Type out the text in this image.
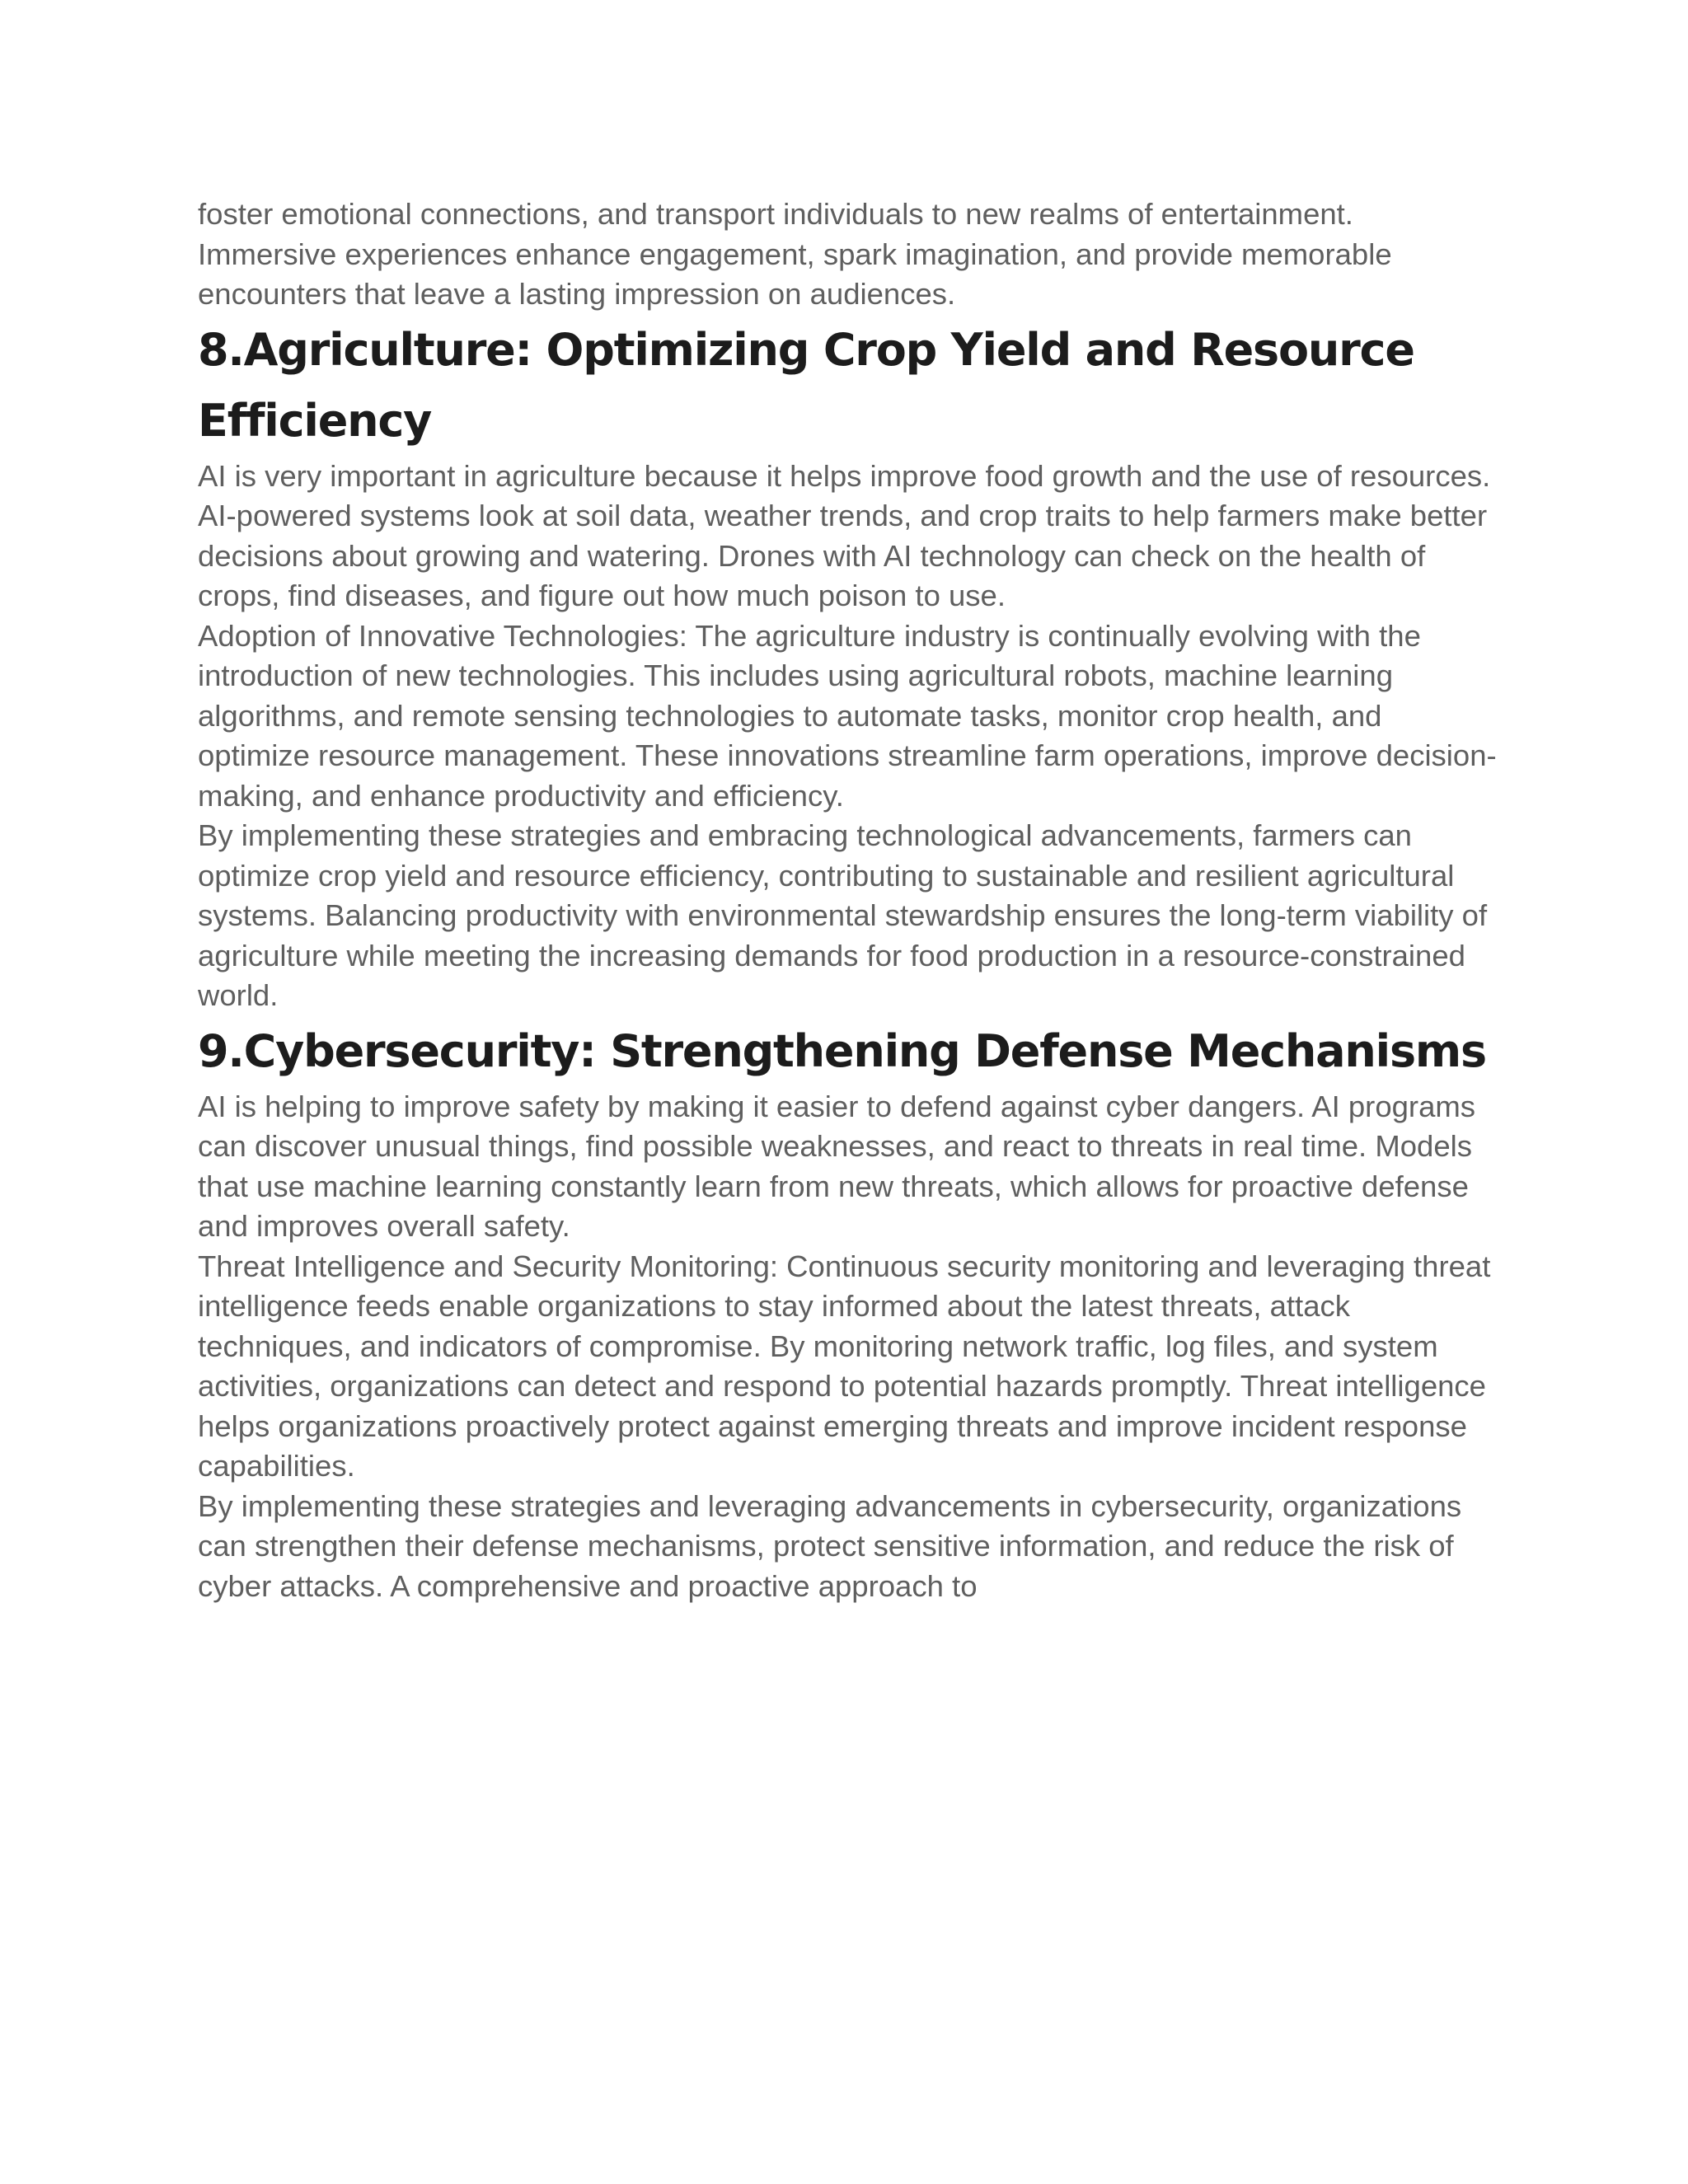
foster emotional connections, and transport individuals to new realms of entertainment. Immersive experiences enhance engagement, spark imagination, and provide memorable encounters that leave a lasting impression on audiences.

8.Agriculture: Optimizing Crop Yield and Resource Efficiency

AI is very important in agriculture because it helps improve food growth and the use of resources. AI-powered systems look at soil data, weather trends, and crop traits to help farmers make better decisions about growing and watering. Drones with AI technology can check on the health of crops, find diseases, and figure out how much poison to use.

Adoption of Innovative Technologies: The agriculture industry is continually evolving with the introduction of new technologies. This includes using agricultural robots, machine learning algorithms, and remote sensing technologies to automate tasks, monitor crop health, and optimize resource management. These innovations streamline farm operations, improve decision-making, and enhance productivity and efficiency.

By implementing these strategies and embracing technological advancements, farmers can optimize crop yield and resource efficiency, contributing to sustainable and resilient agricultural systems. Balancing productivity with environmental stewardship ensures the long-term viability of agriculture while meeting the increasing demands for food production in a resource-constrained world.

9.Cybersecurity: Strengthening Defense Mechanisms

AI is helping to improve safety by making it easier to defend against cyber dangers. AI programs can discover unusual things, find possible weaknesses, and react to threats in real time. Models that use machine learning constantly learn from new threats, which allows for proactive defense and improves overall safety.

Threat Intelligence and Security Monitoring: Continuous security monitoring and leveraging threat intelligence feeds enable organizations to stay informed about the latest threats, attack techniques, and indicators of compromise. By monitoring network traffic, log files, and system activities, organizations can detect and respond to potential hazards promptly. Threat intelligence helps organizations proactively protect against emerging threats and improve incident response capabilities.

By implementing these strategies and leveraging advancements in cybersecurity, organizations can strengthen their defense mechanisms, protect sensitive information, and reduce the risk of cyber attacks. A comprehensive and proactive approach to
